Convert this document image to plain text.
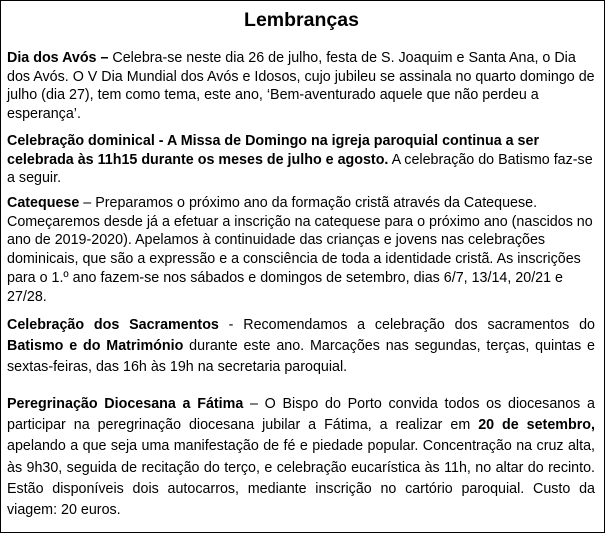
Lembranças

Dia dos Avós – Celebra-se neste dia 26 de julho, festa de S. Joaquim e Santa Ana, o Dia dos Avós. O V Dia Mundial dos Avós e Idosos, cujo jubileu se assinala no quarto domingo de julho (dia 27), tem como tema, este ano, ‘Bem-aventurado aquele que não perdeu a esperança’.

Celebração dominical - A Missa de Domingo na igreja paroquial continua a ser celebrada às 11h15 durante os meses de julho e agosto. A celebração do Batismo faz-se a seguir.

Catequese – Preparamos o próximo ano da formação cristã através da Catequese. Começaremos desde já a efetuar a inscrição na catequese para o próximo ano (nascidos no ano de 2019-2020). Apelamos à continuidade das crianças e jovens nas celebrações dominicais, que são a expressão e a consciência de toda a identidade cristã. As inscrições para o 1.º ano fazem-se nos sábados e domingos de setembro, dias 6/7, 13/14, 20/21 e 27/28.

Celebração dos Sacramentos - Recomendamos a celebração dos sacramentos do Batismo e do Matrimónio durante este ano. Marcações nas segundas, terças, quintas e sextas-feiras, das 16h às 19h na secretaria paroquial.

Peregrinação Diocesana a Fátima – O Bispo do Porto convida todos os diocesanos a participar na peregrinação diocesana jubilar a Fátima, a realizar em 20 de setembro, apelando a que seja uma manifestação de fé e piedade popular. Concentração na cruz alta, às 9h30, seguida de recitação do terço, e celebração eucarística às 11h, no altar do recinto. Estão disponíveis dois autocarros, mediante inscrição no cartório paroquial. Custo da viagem: 20 euros.
